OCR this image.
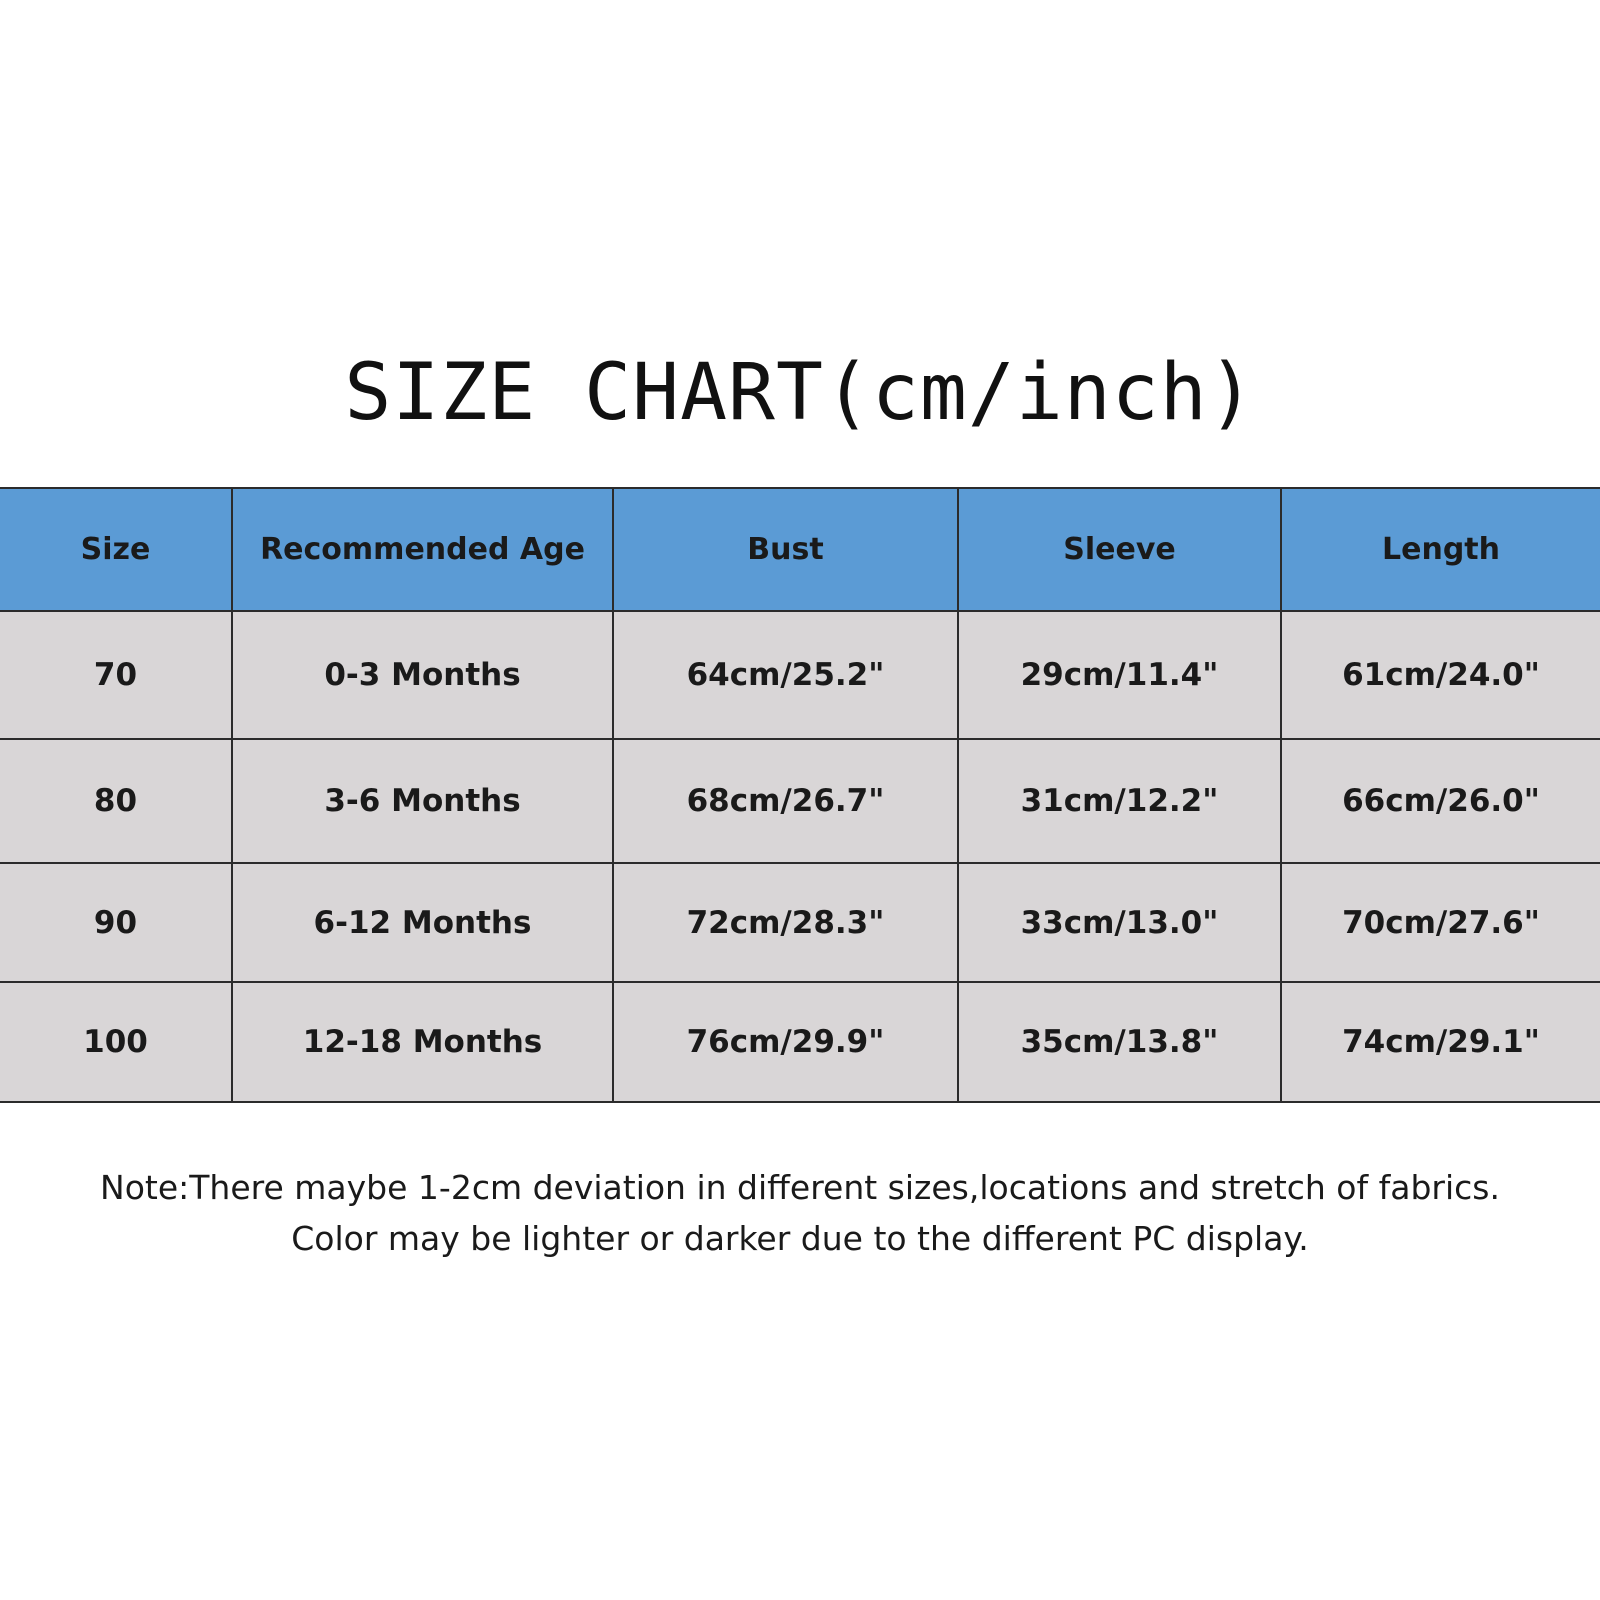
SIZE CHART(cm/inch)
Size	Recommended Age	Bust	Sleeve	Length
70	0-3 Months	64cm/25.2"	29cm/11.4"	61cm/24.0"
80	3-6 Months	68cm/26.7"	31cm/12.2"	66cm/26.0"
90	6-12 Months	72cm/28.3"	33cm/13.0"	70cm/27.6"
100	12-18 Months	76cm/29.9"	35cm/13.8"	74cm/29.1"
Note:There maybe 1-2cm deviation in different sizes,locations and stretch of fabrics.
Color may be lighter or darker due to the different PC display.
